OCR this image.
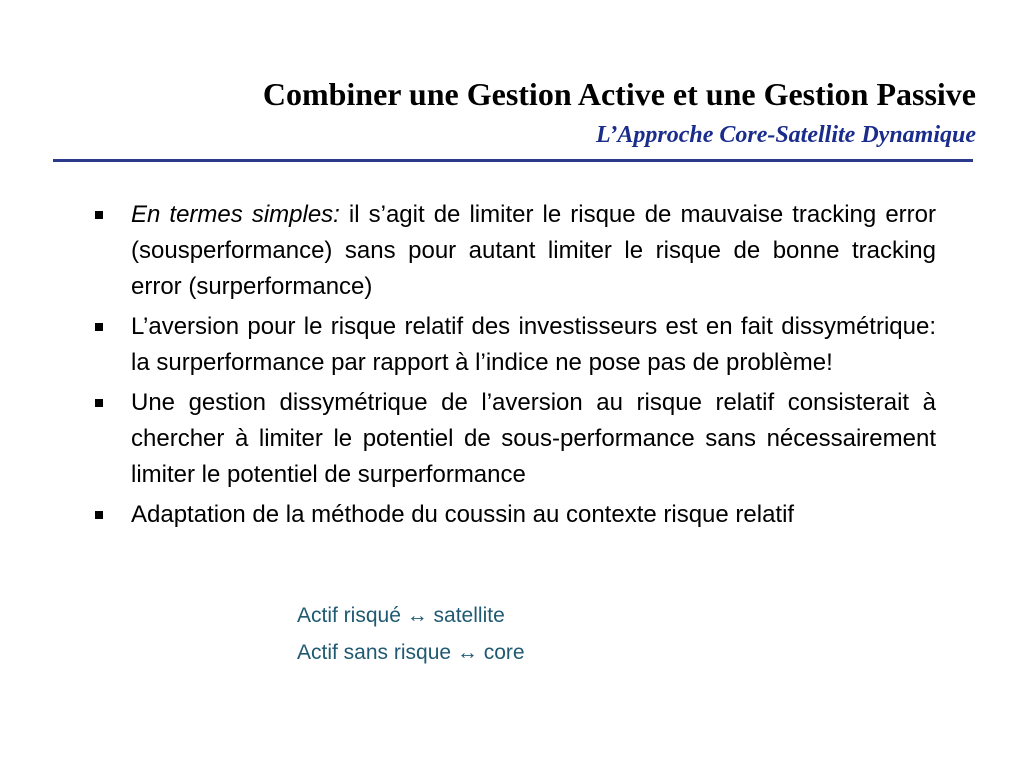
Combiner une Gestion Active et une Gestion Passive
L’Approche Core-Satellite Dynamique
En termes simples: il s’agit de limiter le risque de mauvaise tracking error (sousperformance) sans pour autant limiter le risque de bonne tracking error (surperformance)
L’aversion pour le risque relatif des investisseurs est en fait dissymétrique: la surperformance par rapport à l’indice ne pose pas de problème!
Une gestion dissymétrique de l’aversion au risque relatif consisterait à chercher à limiter le potentiel de sous-performance sans nécessairement limiter le potentiel de surperformance
Adaptation de la méthode du coussin au contexte risque relatif
Actif risqué ↔ satellite
Actif sans risque ↔ core
